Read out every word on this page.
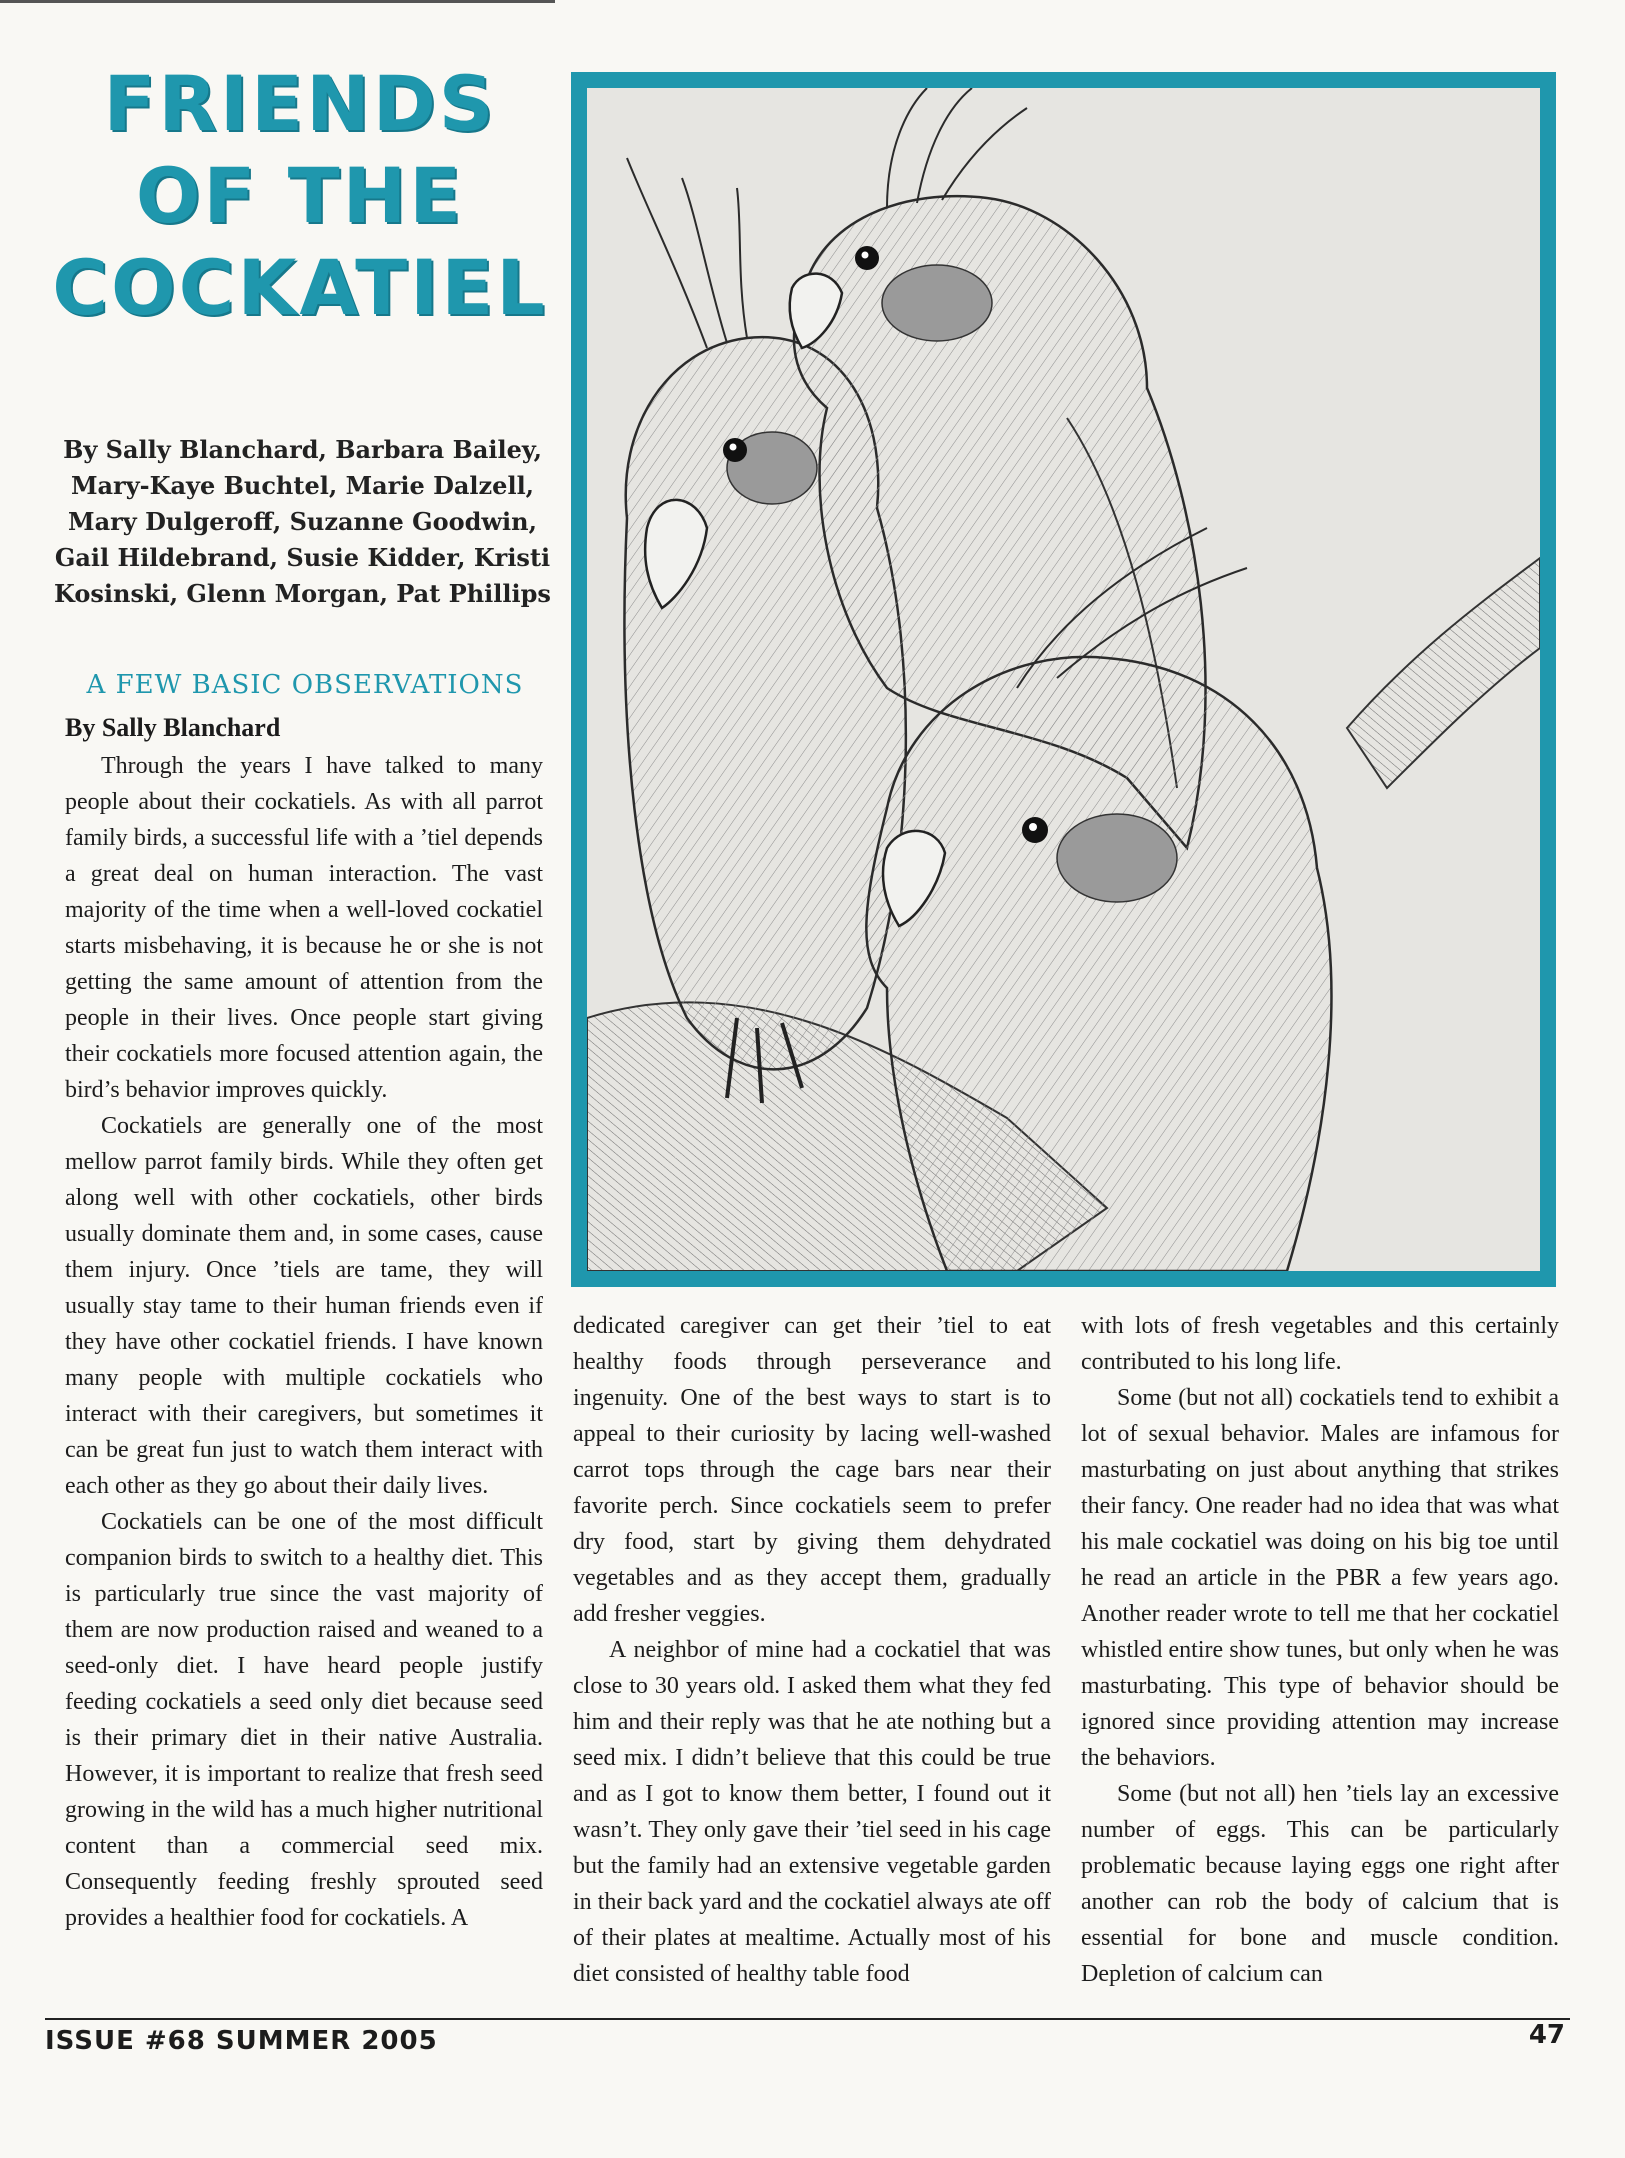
FRIENDS
OF THE
COCKATIEL
By Sally Blanchard, Barbara Bailey, Mary-Kaye Buchtel, Marie Dalzell, Mary Dulgeroff, Suzanne Goodwin, Gail Hildebrand, Susie Kidder, Kristi Kosinski, Glenn Morgan, Pat Phillips
A FEW BASIC OBSERVATIONS
By Sally Blanchard

Through the years I have talked to many people about their cockatiels. As with all parrot family birds, a successful life with a ’tiel depends a great deal on human interaction. The vast majority of the time when a well-loved cockatiel starts misbehaving, it is because he or she is not getting the same amount of attention from the people in their lives. Once people start giving their cockatiels more focused attention again, the bird’s behavior improves quickly.

Cockatiels are generally one of the most mellow parrot family birds. While they often get along well with other cockatiels, other birds usually dominate them and, in some cases, cause them injury. Once ’tiels are tame, they will usually stay tame to their human friends even if they have other cockatiel friends. I have known many people with multiple cockatiels who interact with their caregivers, but sometimes it can be great fun just to watch them interact with each other as they go about their daily lives.

Cockatiels can be one of the most difficult companion birds to switch to a healthy diet. This is particularly true since the vast majority of them are now production raised and weaned to a seed-only diet. I have heard people justify feeding cockatiels a seed only diet because seed is their primary diet in their native Australia. However, it is important to realize that fresh seed growing in the wild has a much higher nutritional content than a commercial seed mix. Consequently feeding freshly sprouted seed provides a healthier food for cockatiels. A

dedicated caregiver can get their ’tiel to eat healthy foods through perseverance and ingenuity. One of the best ways to start is to appeal to their curiosity by lacing well-washed carrot tops through the cage bars near their favorite perch. Since cockatiels seem to prefer dry food, start by giving them dehydrated vegetables and as they accept them, gradually add fresher veggies.

A neighbor of mine had a cockatiel that was close to 30 years old. I asked them what they fed him and their reply was that he ate nothing but a seed mix. I didn’t believe that this could be true and as I got to know them better, I found out it wasn’t. They only gave their ’tiel seed in his cage but the family had an extensive vegetable garden in their back yard and the cockatiel always ate off of their plates at mealtime. Actually most of his diet consisted of healthy table food

with lots of fresh vegetables and this certainly contributed to his long life.

Some (but not all) cockatiels tend to exhibit a lot of sexual behavior. Males are infamous for masturbating on just about anything that strikes their fancy. One reader had no idea that was what his male cockatiel was doing on his big toe until he read an article in the PBR a few years ago. Another reader wrote to tell me that her cockatiel whistled entire show tunes, but only when he was masturbating. This type of behavior should be ignored since providing attention may increase the behaviors.

Some (but not all) hen ’tiels lay an excessive number of eggs. This can be particularly problematic because laying eggs one right after another can rob the body of calcium that is essential for bone and muscle condition. Depletion of calcium can

ISSUE #68 SUMMER 2005	47
